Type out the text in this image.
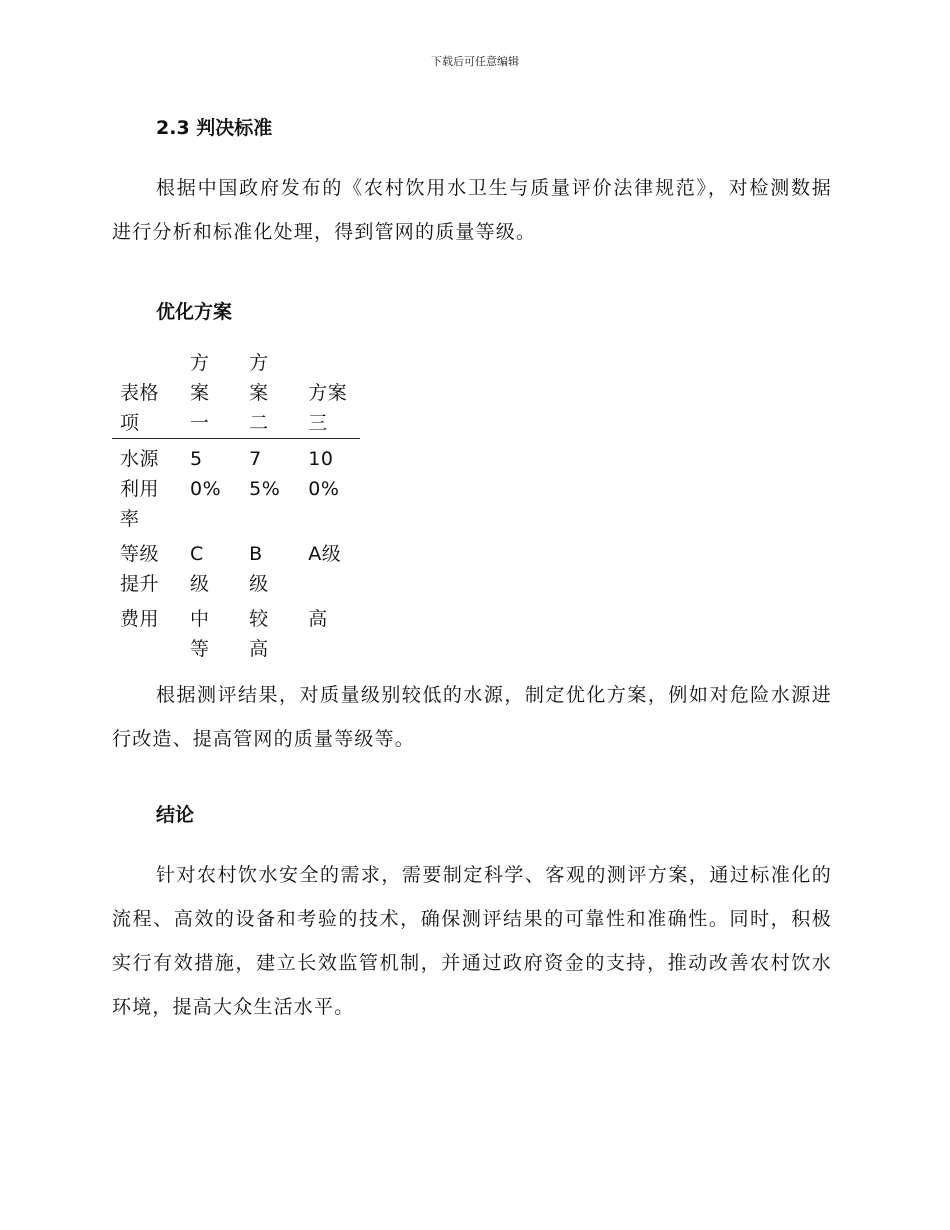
下载后可任意编辑
2.3 判决标准

根据中国政府发布的《农村饮用水卫生与质量评价法律规范》，对检测数据进行分析和标准化处理，得到管网的质量等级。

优化方案
表格项	方案一	方案二	方案三
水源利用率	50%	75%	100%
等级提升	C级	B级	A级
费用	中等	较高	高

根据测评结果，对质量级别较低的水源，制定优化方案，例如对危险水源进行改造、提高管网的质量等级等。

结论

针对农村饮水安全的需求，需要制定科学、客观的测评方案，通过标准化的流程、高效的设备和考验的技术，确保测评结果的可靠性和准确性。同时，积极实行有效措施，建立长效监管机制，并通过政府资金的支持，推动改善农村饮水环境，提高大众生活水平。
